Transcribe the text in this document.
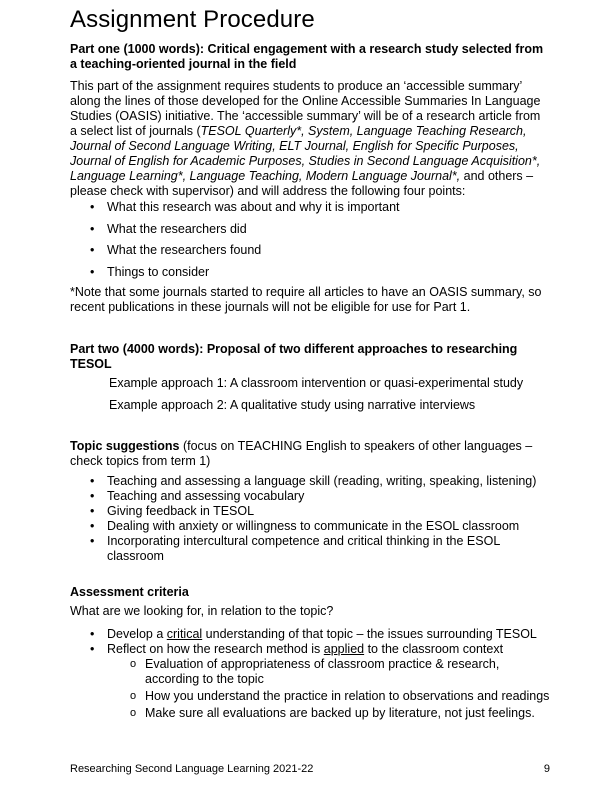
Assignment Procedure

Part one (1000 words): Critical engagement with a research study selected from a teaching-oriented journal in the field

This part of the assignment requires students to produce an ‘accessible summary’ along the lines of those developed for the Online Accessible Summaries In Language Studies (OASIS) initiative. The ‘accessible summary’ will be of a research article from a select list of journals (TESOL Quarterly*, System, Language Teaching Research, Journal of Second Language Writing, ELT Journal, English for Specific Purposes, Journal of English for Academic Purposes, Studies in Second Language Acquisition*, Language Learning*, Language Teaching, Modern Language Journal*, and others – please check with supervisor) and will address the following four points:

• What this research was about and why it is important
• What the researchers did
• What the researchers found
• Things to consider

*Note that some journals started to require all articles to have an OASIS summary, so recent publications in these journals will not be eligible for use for Part 1.

Part two (4000 words): Proposal of two different approaches to researching TESOL

Example approach 1: A classroom intervention or quasi-experimental study
Example approach 2: A qualitative study using narrative interviews

Topic suggestions (focus on TEACHING English to speakers of other languages – check topics from term 1)

• Teaching and assessing a language skill (reading, writing, speaking, listening)
• Teaching and assessing vocabulary
• Giving feedback in TESOL
• Dealing with anxiety or willingness to communicate in the ESOL classroom
• Incorporating intercultural competence and critical thinking in the ESOL classroom

Assessment criteria

What are we looking for, in relation to the topic?

• Develop a critical understanding of that topic – the issues surrounding TESOL
• Reflect on how the research method is applied to the classroom context
o Evaluation of appropriateness of classroom practice & research, according to the topic
o How you understand the practice in relation to observations and readings
o Make sure all evaluations are backed up by literature, not just feelings.
Researching Second Language Learning 2021-22	9
